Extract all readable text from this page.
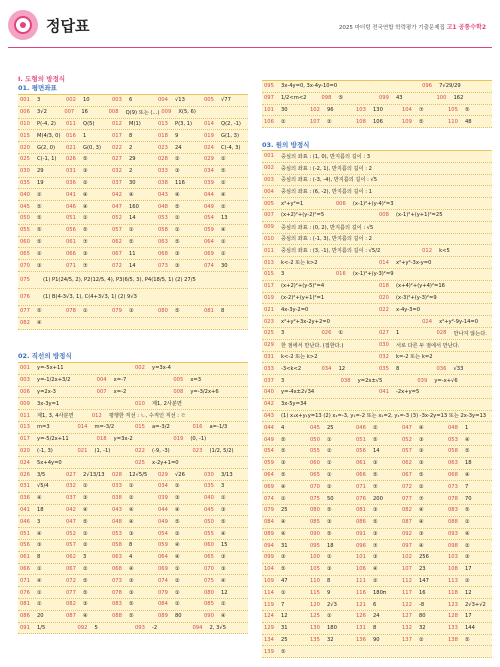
정답표	2025 마더텅 전국연합 학력평가 기출문제집 고1 공통수학2
I. 도형의 방정식
01. 평면좌표
001	3	002	10	003	6	004	√13	005	√77
006	3√2	007	16	008	Q(9) 또는 (...) 009	X(5, 6)
010	P(-4, 2)	011	Q(5)	012	M(1)	013	P(3, 1)	014	Q(2, -1)
015	M(4/3, 0)	016	1	017	8	018	9	019	G(1, 3)
020	G(2, 0)	021	G(0, 3)	022	2	023	24	024	C(-4, 3)
025	C(-1, 1)	026	⑤	027	29	028	②	029	②
030	29	031	③	032	2	033	③	034	⑤
035	19	036	②	037	30	038	116	039	②
040	②	041	④	042	④	043	④	044	④
045	⑤	046	④	047	160	048	⑤	049	②
050	⑤	051	①	052	14	053	①	054	13
055	⑤	056	⑤	057	①	058	①	059	④
060	⑤	061	⑦	062	⑤	063	⑤	064	②
065	②	066	③	067	11	068	③	069	①
070	③	071	⑦	072	14	073	③	074	30
075	(1) P1(24/5, 2), P2(12/5, 4), P3(6/5, 3), P4(18/5, 1) (2) 27/5
076	(1) B(4-3√3, 1), C(4+3√3, 1) (2) 9√3
077	⑤	078	①	079	③	080	⑤	081	8
082	④
02. 직선의 방정식
001	y=-5x+11	002	y=3x-4
003	y=-1/2x+3/2	004	x=-7	005	x=3
006	y=2x-3	007	x=-2	008	y=-3/2x+6
009	3x-3y=1	010	제1, 2사분면
011	제1, 3, 4사분면	012	평행한 직선 : ㄴ, 수직인 직선 : ㄹ
013	m=3	014	m=-3/2	015	a=-3/2	016	a=-1/3
017	y=-5/2x+11	018	y=3x-2	019	(0, -1)
020	(-1, 3)	021	(1, -1)	022	(-9, -3)	023	(1/2, 5/2)
024	5x+4y=0	025	x-2y+1=0
026	3/5	027	2√13/13	028	12√5/5	029	√26	030	3/13
031	√5/4	032	①	033	①	034	②	035	3
036	④	037	③	038	②	039	③	040	①
041	18	042	④	043	④	044	④	045	③
046	3	047	⑤	048	④	049	⑤	050	⑤
051	④	052	①	053	③	054	②	055	④
056	③	057	②	058	8	059	④	060	15
061	8	062	3	063	4	064	④	065	③
066	①	067	②	068	④	069	①	070	③
071	④	072	⑤	073	③	074	②	075	④
076	①	077	⑤	078	③	079	①	080	12
081	①	082	③	083	⑤	084	①	085	①
086	20	087	④	088	⑤	089	80	090	④
091	1/5	092	5	093	-2	094	2, 3√5
095	3x-4y=0, 3x-4y-10=0	096	7√29/29
097	1/2<m<2	098	⑤	099	43	100	162
101	30	102	96	103	130	104	⑦	105	⑤
106	②	107	②	108	106	109	⑤	110	48
03. 원의 방정식
001	중심의 좌표 : (1, 0), 반지름의 길이 : 3
002	중심의 좌표 : (-2, 1), 반지름의 길이 : 2
003	중심의 좌표 : (-3, -4), 반지름의 길이 : √5
004	중심의 좌표 : (6, -2), 반지름의 길이 : 1
005	x²+y²=1	006	(x-1)²+(y-4)²=3
007	(x+2)²+(y-2)²=5	008	(x-1)²+(y+1)²=25
009	중심의 좌표 : (0, 2), 반지름의 길이 : √5
010	중심의 좌표 : (-1, 3), 반지름의 길이 : 2
011	중심의 좌표 : (3, -1), 반지름의 길이 : √5/2	012	k<5
013	k<-2 또는 k>2	014	x²+y²-3x-y=0
015	3	016	(x-1)²+(y-3)²=9
017	(x+2)²+(y-5)²=4	018	(x+4)²+(y+4)²=16
019	(x-2)²+(y+1)²=1	020	(x-3)²+(y-3)²=9
021	4x-3y-2=0	022	x-4y-3=0
023	x²+y²+3x-2y+2=0	024	x²+y²-9y-14=0
025	3	026	①	027	1	028	만나지 않는다.
029	한 점에서 만난다. (접한다.)	030	서로 다른 두 점에서 만난다.
031	k<-2 또는 k>2	032	k=-2 또는 k=2
033	-3<k<2	034	12	035	8	036	√33
037	3	038	y=2x±√5	039	y=-x+√6
040	y=-4x±2√34	041	-2x+y=5
042	3x-5y=34
043	(1) x₁x+y₁y=13 (2) x₁=-3, y₁=-2 또는 x₁=2, y₁=-3 (3) -3x-2y=13 또는 2x-3y=13
044	4	045	25	046	②	047	④	048	1
049	⑤	050	①	051	⑤	052	③	053	④
054	⑤	055	②	056	14	057	③	058	⑤
059	③	060	①	061	③	062	③	063	18
064	⑤	065	①	066	⑤	067	⑤	068	④
069	④	070	②	071	⑦	072	②	073	7
074	①	075	50	076	200	077	⑦	078	70
079	25	080	⑤	081	③	082	④	083	⑤
084	④	085	③	086	⑤	087	④	088	①
089	④	090	⑤	091	③	092	③	093	④
094	31	095	18	096	⑦	097	④	098	②
099	③	100	①	101	③	102	256	103	③
104	⑤	105	③	106	④	107	23	108	17
109	47	110	8	111	②	112	147	113	②
114	①	115	9	116	180π	117	16	118	12
119	7	120	2√3	121	6	122	-8	123	2√3+√2
124	12	125	①	126	24	127	80	128	17
129	31	130	180	131	8	132	32	133	144
134	25	135	32	136	90	137	②	138	⑤
139	⑤
